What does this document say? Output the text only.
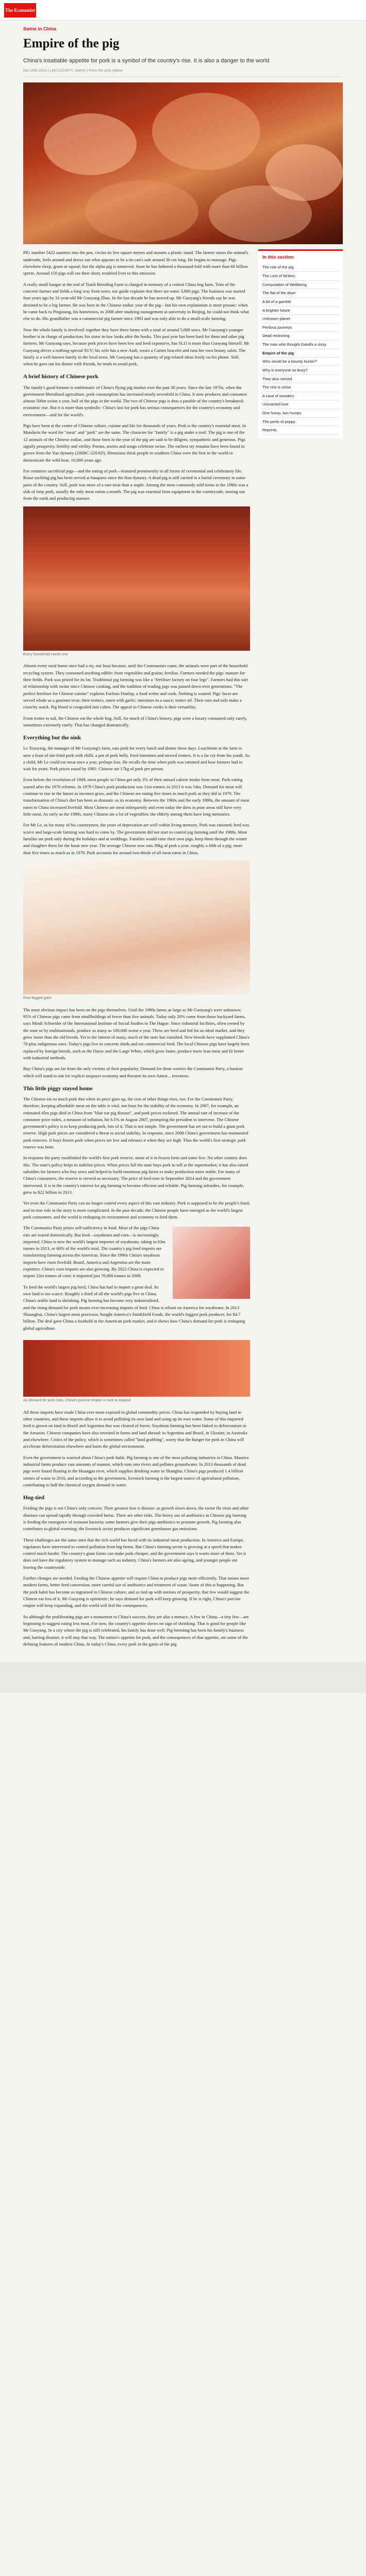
The Economist
Swine in China
Empire of the pig
China's insatiable appetite for pork is a symbol of the country's rise. It is also a danger to the world
Dec 20th 2014 | LAO COUNTY, JIANXI | From the print edition

PIG number 5422 saunters into the pen, circles its few square metres and mounts a plastic stand. The farmer raises the animal's underside, feels around and draws out what appears to be a tin can's sale around 30 cm long. He begins to massage. Pigs elsewhere sleep, grunt or squeal; but the alpha pig is unmoved. Soon he has fathered a thousand-fold with more than 60 billion sperm. Around 150 pigs will see their short, troubled lives to this emission.

A really small hangar at the end of Tianli Breeding Farm is charged in memory of a central China hog farm. Trim of the concrete farmer and fields a long way from town, our guide explains that there are some 3,000 pigs. The business was started four years ago by 31-year-old Mr Guoyang Zhao. In the last decade he has moved up. Mr Guoyang's friends say he was destined to be a big farmer. He was born in the Chinese zodiac year of the pig—but his own explanation is more prosaic: when he came back to Pingxiang, his hometown, in 2008 after studying management at university in Beijing, he could not think what else to do. His grandfather was a commercial pig farmer since 1993 and was only able to do a small-scale farming.

Now the whole family is involved: together they have three farms with a total of around 5,000 sows. Mr Guoyang's younger brother is in charge of production; his sister in-law looks after the books. This past year has been hard for them and other pig farmers. Mr Guoyang says, because pork prices have been low and feed expensive, has SLIJ is more than Guoyang himself. Mr Guoyang drives a nothing-special SUV; his wife has a new Audi, wears a Cartier bracelet and runs her own beauty salon. The family is a well-known family in the local town. Mr Guoyang has a quantity of pig-related ideas freely on his phone. Still, when he goes out for dinner with friends, he tends to avoid pork.

A brief history of Chinese pork

The family's good fortune is emblematic of China's flying pig market over the past 30 years. Since the late 1970s, when the government liberalised agriculture, pork consumption has increased nearly sevenfold in China. It now produces and consumes almost 500m swine a year, half of the pigs in the world. The two of Chinese pigs is thus a parable of the country's breakneck economic rise. But it is more than symbolic: China's lust for pork has serious consequences for the country's economy and environment—and for the world's.

Pigs have been at the centre of Chinese culture, cuisine and life for thousands of years. Pork is the country's essential meat. In Mandarin the word for "meat" and "pork" are the same. The character for "family" is a pig under a roof. The pig is one of the 12 animals of the Chinese zodiac, and those born in the year of the pig are said to be diligent, sympathetic and generous. Pigs signify prosperity, fertility and virility. Poems, stories and songs celebrate swine. The earliest sty remains have been found in graves from the Yuo dynasty (206BC-220AD). Historians think people in southern China were the first in the world to domesticate the wild boar, 10,000 years ago.

For centuries sacrificial pigs—and the eating of pork—featured prominently in all forms of ceremonial and celebratory life. Roast suckling pig has been served at banquets since the Han dynasty. A dead pig is still carried in a burial ceremony in some parts of the country. Still, pork was more of a rare treat than a staple. Among the most commonly sold items in the 1980s was a slab of fatty pork, usually the only meat ration a month. The pig was essential farm equipment in the countryside, turning out from the earth and producing manure.

Every household needs one

Almost every rural home once had a sty, not least because, until the Communists came, the animals were part of the household recycling system. They consumed anything edible: from vegetables and grains; fertilise. Farmers needed the pigs' manure for their fields. Pork was prized for its fat. Traditional pig farming was like a "fertiliser factory on four legs". Farmers had this sort of relationship with swine since Chinese cooking, and the tradition of reading pigs was passed down over generations. "The perfect fertiliser for Chinese cuisine" explains Fuchsia Dunlop, a food writer and cook. Nothing is wasted. Pigs' faces are served whole as a gourmet treat; their trotters, eaten with garlic; intestines in a sauce; trotter oil. Their ears and tails make a crunchy snack. Pig blood is congealed into cubes. The appeal to Chinese cooks is their versatility.

From trotter to tail, the Chinese eat the whole hog. Still, for much of China's history, pigs were a luxury consumed only rarely, sometimes extremely rarely. That has changed dramatically.

Everything but the oink

Le Xiaoying, the manager of Mr Guoyang's farm, eats pork for every lunch and dinner these days. Lunchtime at the farm is now a feast of stir-fried pork with chilli, a pot of pork belly, fried intestines and stewed trotters. It is a far cry from his youth. As a child, Mr Le could eat meat once a year, perhaps less. He recalls the time when pork was rationed and how farmers had to wait for years. Pork prices eased by 1981: Chinese ate 17kg of pork per person.

Even before the revolution of 1949, most people in China got only 3% of their annual calorie intake from meat. Pork-eating soared after the 1978 reforms. In 1979 China's pork production was 11m tonnes; in 2013 it was 54m. Demand for meat will continue to rise in the future as incomes grow, and the Chinese are eating five times as much pork as they did in 1979. The transformation of China's diet has been as dramatic as its economy. Between the 1960s and the early 1980s, the amount of meat eaten in China increased fivefold. Most Chinese ate meat infrequently and even today the diets in poor areas still have very little meat. As early as the 1980s, many Chinese ate a lot of vegetables: the elderly among them have long memories.

For Mr Le, as for many of his countrymen, the years of deprivation are well within living memory. Pork was rationed; feed was scarce and large-scale farming was hard to come by. The government did not start to control pig farming until the 1980s. Most families ate pork only during the holidays and at weddings. Families would raise their own pigs, keep them through the winter and slaughter them for the lunar new year. The average Chinese now eats 39kg of pork a year, roughly a fifth of a pig; more than five times as much as in 1979. Pork accounts for around two-thirds of all meat eaten in China.

Four-legged giant

The most obvious impact has been on the pigs themselves. Until the 1980s farms as large as Mr Guoyang's were unknown; 95% of Chinese pigs came from smallholdings of fewer than five animals. Today only 20% come from those backyard farms, says Mindi Schneider of the International Institute of Social Studies in The Hague. Since industrial facilities, often owned by the state or by multinationals, produce as many as 100,000 swine a year. These are bred and fed for an ideal market, and they grow faster than the old breeds. Yet to the lament of many, much of the taste has vanished. New breeds have supplanted China's 70-plus indigenous ones. Today's pigs live in concrete sheds and eat commercial feed. The local Chinese pigs have largely been replaced by foreign breeds, such as the Duroc and the Large White, which grow faster, produce more lean meat and fit better with industrial methods.

Buy China's pigs are far from the only victims of their popularity. Demand for them worries the Communist Party, a bastion which will stand to ask for explicit taxpayer economy and threaten its own Ameri... inventors.

This little piggy stayed home

The Chinese eat so much pork that when its price goes up, the cost of other things rises, too. For the Communist Party, therefore, keeping affordable meat on the table is vital, not least for the stability of the economy. In 2007, for example, an estimated 45m pigs died in China from "blue ear pig disease", and pork prices rocketed. The annual rate of increase of the consumer price index, a measure of inflation, hit 6.5% in August 2007, prompting the president to intervene. The Chinese government's policy is to keep producing pork, lots of it. That is not simple. The government has set out to build a giant pork reserve. High pork prices are considered a threat to social stability. In response, since 2008 China's government has maintained pork reserves. It buys frozen pork when prices are low and releases it when they are high. Thus the world's first strategic pork reserve was born.

In response the party established the world's first pork reserve, some of it in frozen form and some live. No other country does this. The state's policy helps to stabilise prices. When prices fall the state buys pork to sell at the supermarket; it has also raised subsidies for farmers who buy sows and helped to build enormous pig farms to make production more stable. For many of China's consumers, the reserve is viewed as necessary. The price of feed rose in September 2014 and the government intervened. It is in the country's interest for pig farming to become efficient and reliable. Pig-farming subsidies, for example, grew to $22 billion in 2013.

Yet even the Communist Party can no longer control every aspect of this vast industry. Pork is supposed to be the people's food; and its true role in the story is more complicated. In the past decade, the Chinese people have emerged as the world's largest pork consumers, and the world is reshaping its environment and economy to feed them.

The Communist Party prizes self-sufficiency in food. Most of the pigs China eats are reared domestically. But feed—soyabeans and corn—is increasingly imported. China is now the world's largest importer of soyabeans, taking in 63m tonnes in 2013, or 60% of the world's total. The country's pig feed imports are transforming farming across the Americas. Since the 1990s China's soyabean imports have risen fivefold. Brazil, America and Argentina are the main exporters. China's corn imports are also growing. By 2022 China is expected to import 22m tonnes of corn; it imported just 70,000 tonnes in 2008.

To feed the world's largest pig herd, China has had to import a great deal. Its own land is too scarce. Roughly a third of all the world's pigs live in China. China's arable land is shrinking. Pig farming has become very industrialised, and the rising demand for pork means ever-increasing imports of feed. China is reliant on America for soyabeans. In 2013 Shuanghui, China's largest meat processor, bought America's Smithfield Foods, the world's biggest pork producer, for $4.7 billion. The deal gave China a foothold in the American pork market, and it shows how China's demand for pork is reshaping global agriculture.

As demand for pork rises, China's porcine empire is sure to expand

All these imports have made China ever more exposed to global commodity prices. China has responded by buying land in other countries, and these imports allow it to avoid polluting its own land and using up its own water. Some of this imported feed is grown on land in Brazil and Argentina that was cleared of forest. Soyabean farming has been linked to deforestation in the Amazon. Chinese companies have also invested in farms and land abroad: in Argentina and Brazil, in Ukraine, in Australia and elsewhere. Critics of the policy, which is sometimes called "land grabbing", worry that the hunger for pork in China will accelerate deforestation elsewhere and harm the global environment.

Even the government is worried about China's pork habit. Pig farming is one of the most polluting industries in China. Massive industrial farms produce vast amounts of manure, which runs into rivers and pollutes groundwater. In 2013 thousands of dead pigs were found floating in the Huangpu river, which supplies drinking water to Shanghai. China's pigs produced 1.4 billion tonnes of waste in 2010, and according to the government, livestock farming is the largest source of agricultural pollution, contributing to half the chemical oxygen demand in water.

Hog-tied

Feeding the pigs is not China's only concern. Their greatest fear is disease: as growth slows down, the swine flu virus and other diseases can spread rapidly through crowded farms. There are other risks. The heavy use of antibiotics in Chinese pig farming is feeding the emergence of resistant bacteria; some farmers give their pigs antibiotics to promote growth. Pig farming also contributes to global warming: the livestock sector produces significant greenhouse gas emissions.

These challenges are the same ones that the rich world has faced with its industrial meat production. In America and Europe, regulators have intervened to control pollution from big farms. But China's farming sector is growing at a speed that makes control much harder. The country's giant farms can make pork cheaper, and the government says it wants more of them. Yet it does not have the regulatory system to manage such an industry. China's farmers are also ageing, and younger people are leaving the countryside.

Further changes are needed. Feeding the Chinese appetite will require China to produce pigs more efficiently. That means more modern farms, better feed conversion, more careful use of antibiotics and treatment of waste. Some of this is happening. But the pork habit has become so ingrained in Chinese culture, and so tied up with notions of prosperity, that few would suggest the Chinese eat less of it. Mr Guoyang is optimistic; he says demand for pork will keep growing. If he is right, China's porcine empire will keep expanding, and the world will feel the consequences.

So although the proliferating pigs are a monument to China's success, they are also a menace. A few in China—a tiny few—are beginning to suggest eating less meat. For now, the country's appetite shows no sign of shrinking. That is good for people like Mr Guoyang. In a city where the pig is still celebrated, his family has done well. Pig-breeding has been his family's business and, barring disaster, it will stay that way. The nation's appetite for pork, and the consequences of that appetite, are some of the defining features of modern China. In today's China, every pork in the game of the pig.

In this section
The role of the pig
The Lent of Writers
Computation of Wellbeing
The flat of the dove
A bit of a gamble
A brighter future
Unknown planet
Perilous journeys
Dead reckoning
The man who thought Gandhi a sissy
Empire of the pig
Who would be a bounty hunter?
Why is everyone so busy?
They also served
The rest is noise
A cave of wonders
Unmarried love
One hump, two humps
The perils of poppy
Reprints
